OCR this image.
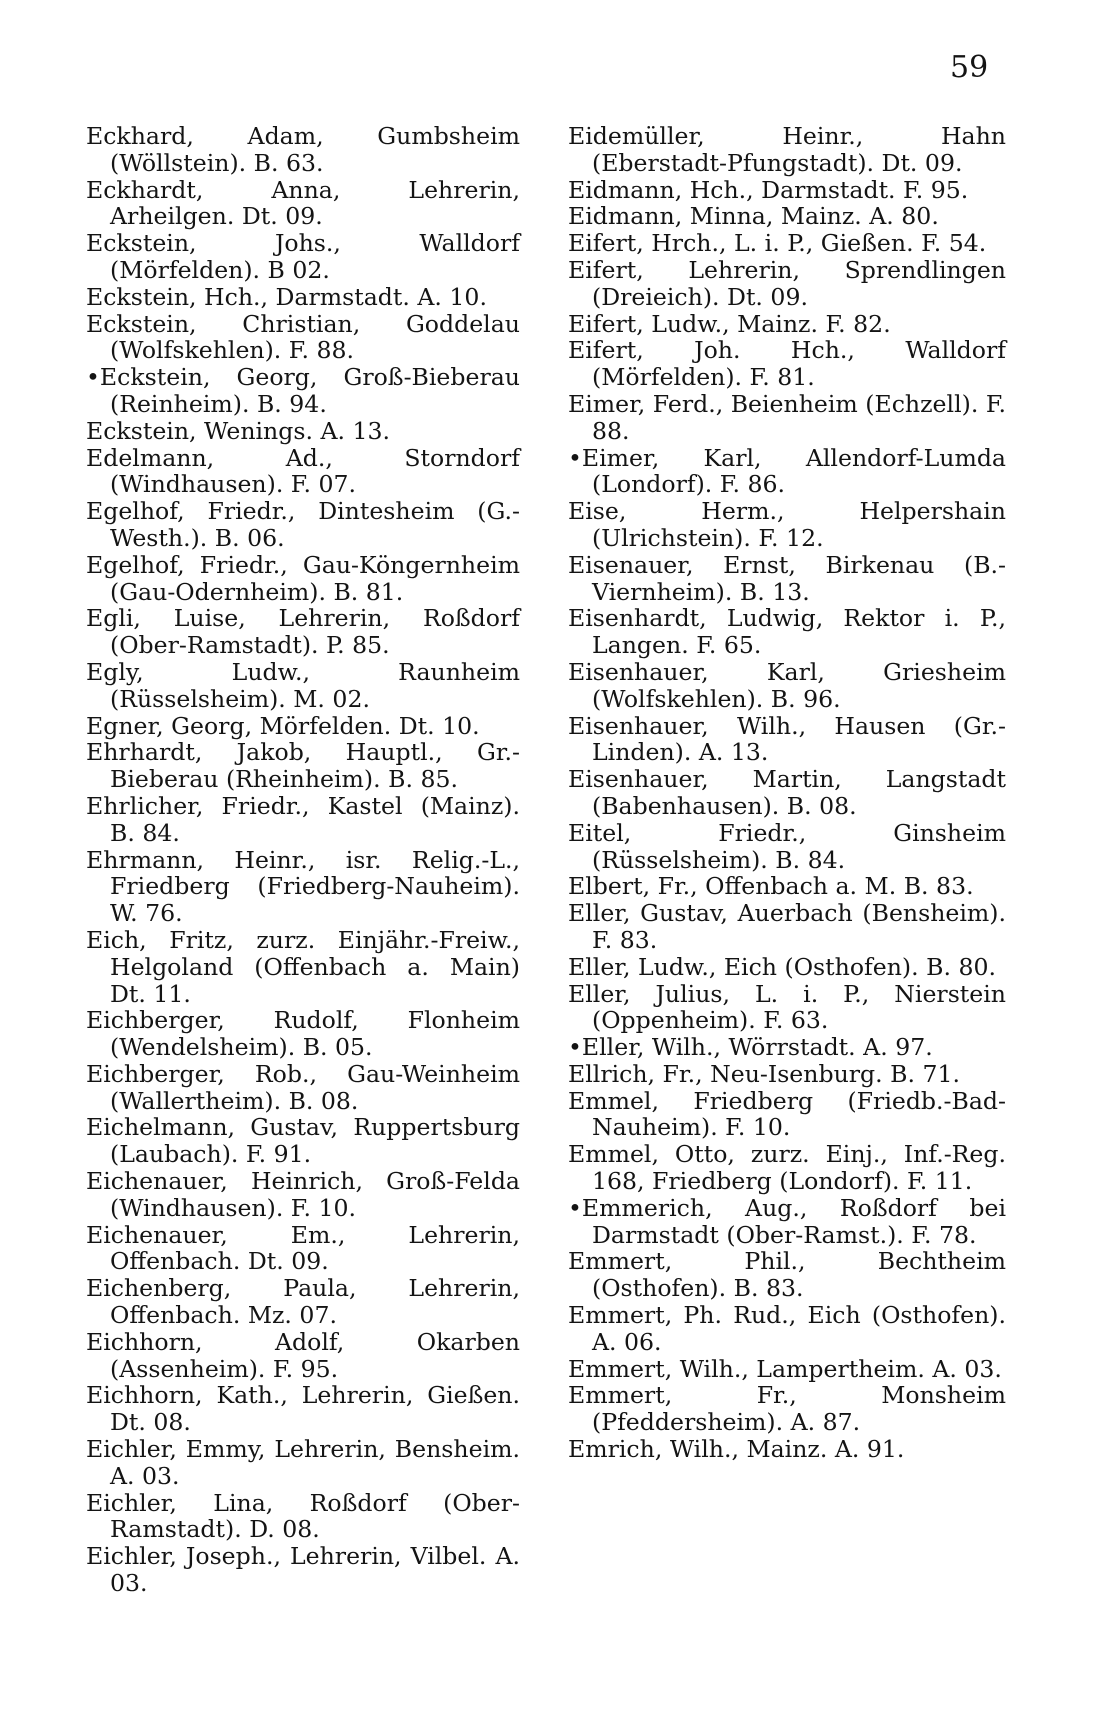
59
Eckhard, Adam, Gumbsheim (Wöllstein). B. 63.
Eckhardt, Anna, Lehrerin, Arheilgen. Dt. 09.
Eckstein, Johs., Walldorf (Mörfelden). B 02.
Eckstein, Hch., Darmstadt. A. 10.
Eckstein, Christian, Goddelau (Wolfskehlen). F. 88.
•Eckstein, Georg, Groß-Bieberau (Reinheim). B. 94.
Eckstein, Wenings. A. 13.
Edelmann, Ad., Storndorf (Windhausen). F. 07.
Egelhof, Friedr., Dintesheim (G.-Westh.). B. 06.
Egelhof, Friedr., Gau-Köngernheim (Gau-Odernheim). B. 81.
Egli, Luise, Lehrerin, Roßdorf (Ober-Ramstadt). P. 85.
Egly, Ludw., Raunheim (Rüsselsheim). M. 02.
Egner, Georg, Mörfelden. Dt. 10.
Ehrhardt, Jakob, Hauptl., Gr.-Bieberau (Rheinheim). B. 85.
Ehrlicher, Friedr., Kastel (Mainz). B. 84.
Ehrmann, Heinr., isr. Relig.-L., Friedberg (Friedberg-Nauheim). W. 76.
Eich, Fritz, zurz. Einjähr.-Freiw., Helgoland (Offenbach a. Main) Dt. 11.
Eichberger, Rudolf, Flonheim (Wendelsheim). B. 05.
Eichberger, Rob., Gau-Weinheim (Wallertheim). B. 08.
Eichelmann, Gustav, Ruppertsburg (Laubach). F. 91.
Eichenauer, Heinrich, Groß-Felda (Windhausen). F. 10.
Eichenauer, Em., Lehrerin, Offenbach. Dt. 09.
Eichenberg, Paula, Lehrerin, Offenbach. Mz. 07.
Eichhorn, Adolf, Okarben (Assenheim). F. 95.
Eichhorn, Kath., Lehrerin, Gießen. Dt. 08.
Eichler, Emmy, Lehrerin, Bensheim. A. 03.
Eichler, Lina, Roßdorf (Ober-Ramstadt). D. 08.
Eichler, Joseph., Lehrerin, Vilbel. A. 03.
Eidemüller, Heinr., Hahn (Eberstadt-Pfungstadt). Dt. 09.
Eidmann, Hch., Darmstadt. F. 95.
Eidmann, Minna, Mainz. A. 80.
Eifert, Hrch., L. i. P., Gießen. F. 54.
Eifert, Lehrerin, Sprendlingen (Dreieich). Dt. 09.
Eifert, Ludw., Mainz. F. 82.
Eifert, Joh. Hch., Walldorf (Mörfelden). F. 81.
Eimer, Ferd., Beienheim (Echzell). F. 88.
•Eimer, Karl, Allendorf-Lumda (Londorf). F. 86.
Eise, Herm., Helpershain (Ulrichstein). F. 12.
Eisenauer, Ernst, Birkenau (B.-Viernheim). B. 13.
Eisenhardt, Ludwig, Rektor i. P., Langen. F. 65.
Eisenhauer, Karl, Griesheim (Wolfskehlen). B. 96.
Eisenhauer, Wilh., Hausen (Gr.-Linden). A. 13.
Eisenhauer, Martin, Langstadt (Babenhausen). B. 08.
Eitel, Friedr., Ginsheim (Rüsselsheim). B. 84.
Elbert, Fr., Offenbach a. M. B. 83.
Eller, Gustav, Auerbach (Bensheim). F. 83.
Eller, Ludw., Eich (Osthofen). B. 80.
Eller, Julius, L. i. P., Nierstein (Oppenheim). F. 63.
•Eller, Wilh., Wörrstadt. A. 97.
Ellrich, Fr., Neu-Isenburg. B. 71.
Emmel, Friedberg (Friedb.-Bad-Nauheim). F. 10.
Emmel, Otto, zurz. Einj., Inf.-Reg. 168, Friedberg (Londorf). F. 11.
•Emmerich, Aug., Roßdorf bei Darmstadt (Ober-Ramst.). F. 78.
Emmert, Phil., Bechtheim (Osthofen). B. 83.
Emmert, Ph. Rud., Eich (Osthofen). A. 06.
Emmert, Wilh., Lampertheim. A. 03.
Emmert, Fr., Monsheim (Pfeddersheim). A. 87.
Emrich, Wilh., Mainz. A. 91.
